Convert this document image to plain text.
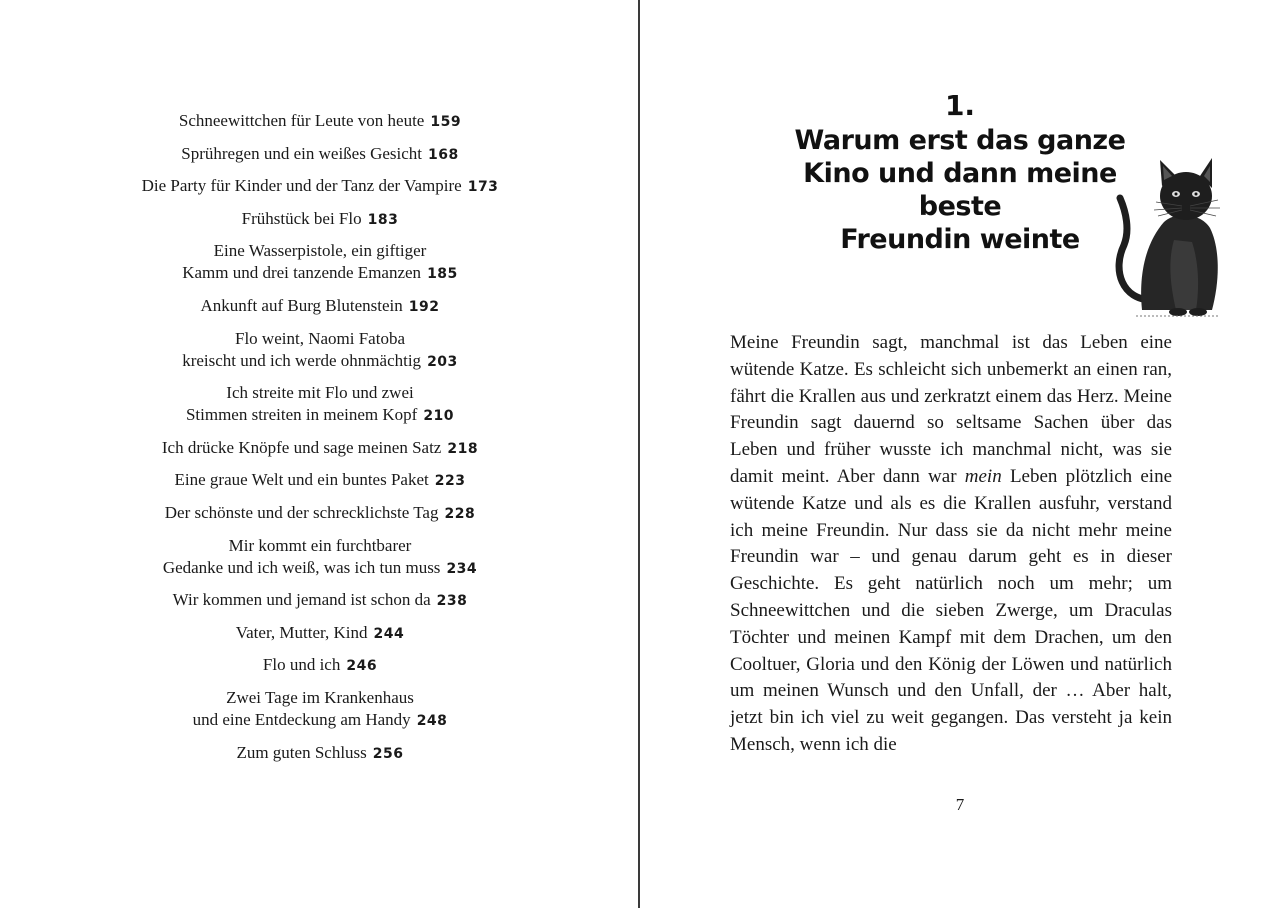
Schneewittchen für Leute von heute 159
Sprühregen und ein weißes Gesicht 168
Die Party für Kinder und der Tanz der Vampire 173
Frühstück bei Flo 183
Eine Wasserpistole, ein giftiger
Kamm und drei tanzende Emanzen 185
Ankunft auf Burg Blutenstein 192
Flo weint, Naomi Fatoba
kreischt und ich werde ohnmächtig 203
Ich streite mit Flo und zwei
Stimmen streiten in meinem Kopf 210
Ich drücke Knöpfe und sage meinen Satz 218
Eine graue Welt und ein buntes Paket 223
Der schönste und der schrecklichste Tag 228
Mir kommt ein furchtbarer
Gedanke und ich weiß, was ich tun muss 234
Wir kommen und jemand ist schon da 238
Vater, Mutter, Kind 244
Flo und ich 246
Zwei Tage im Krankenhaus
und eine Entdeckung am Handy 248
Zum guten Schluss 256
1.
Warum erst das ganze
Kino und dann meine beste
Freundin weinte

Meine Freundin sagt, manchmal ist das Leben eine wütende Katze. Es schleicht sich unbemerkt an einen ran, fährt die Krallen aus und zerkratzt einem das Herz. Meine Freundin sagt dauernd so seltsame Sachen über das Leben und früher wusste ich manchmal nicht, was sie damit meint. Aber dann war mein Leben plötzlich eine wütende Katze und als es die Krallen ausfuhr, verstand ich meine Freundin. Nur dass sie da nicht mehr meine Freundin war – und genau darum geht es in dieser Geschichte. Es geht natürlich noch um mehr; um Schneewittchen und die sieben Zwerge, um Draculas Töchter und meinen Kampf mit dem Drachen, um den Cooltuer, Gloria und den König der Löwen und natürlich um meinen Wunsch und den Unfall, der … Aber halt, jetzt bin ich viel zu weit gegangen. Das versteht ja kein Mensch, wenn ich die

7
